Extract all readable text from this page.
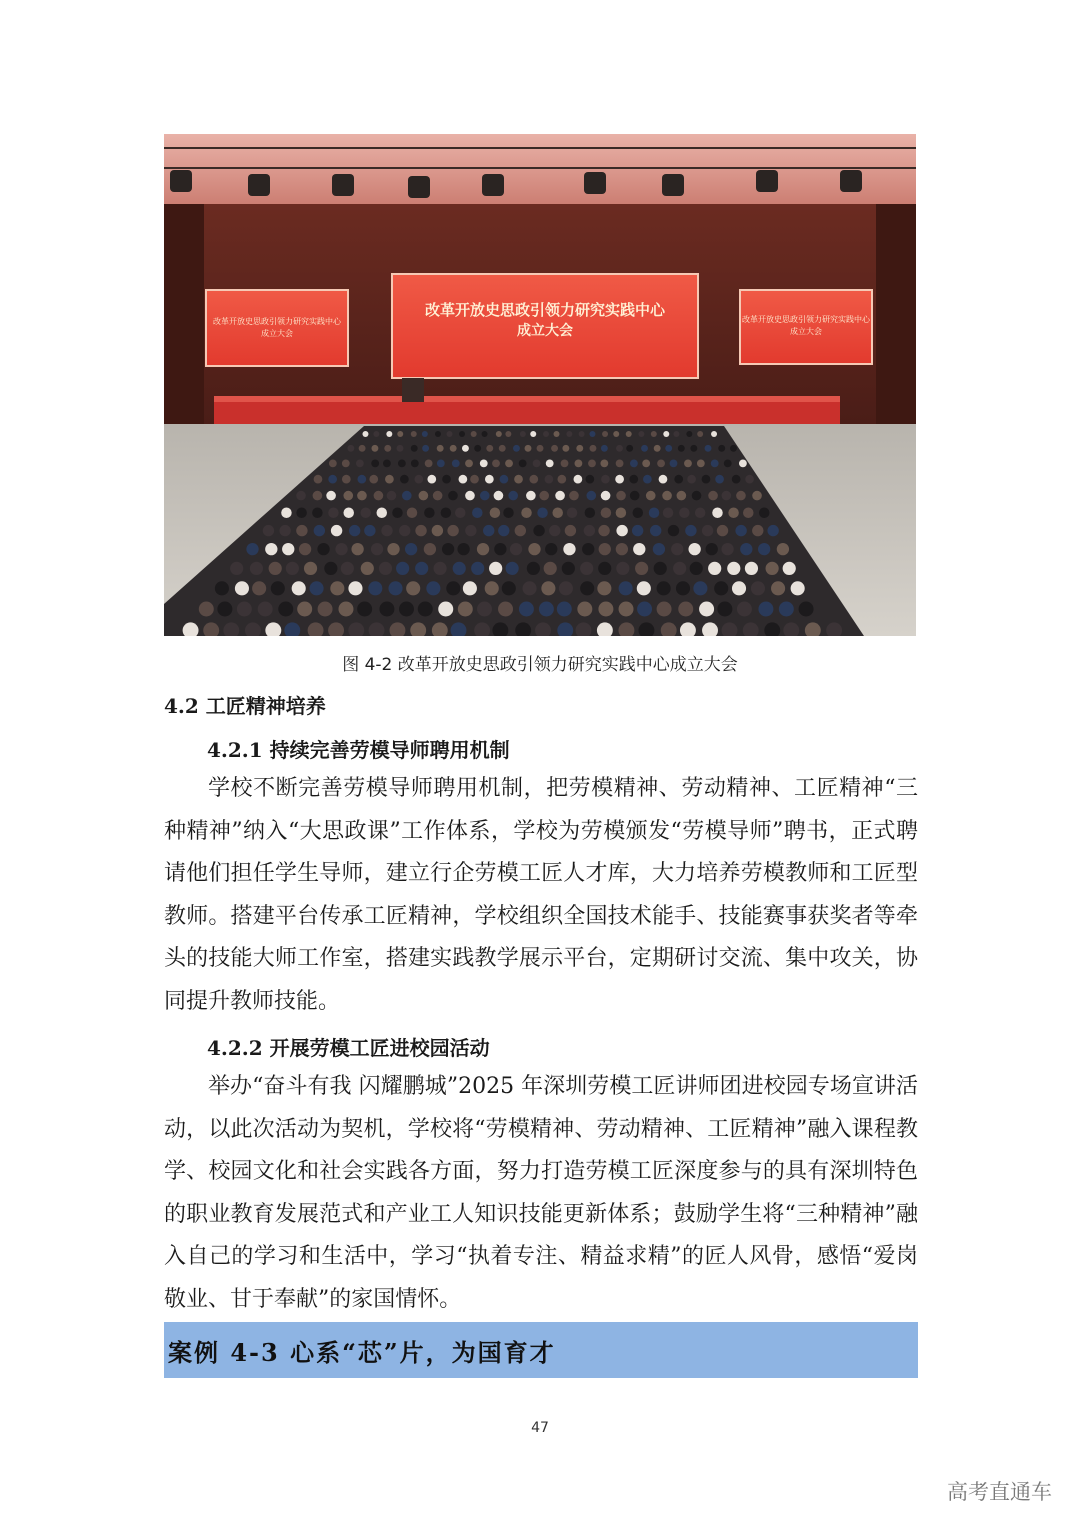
改革开放史思政引领力研究实践中心
成立大会
改革开放史思政引领力研究实践中心
成立大会
改革开放史思政引领力研究实践中心
成立大会
图 4-2 改革开放史思政引领力研究实践中心成立大会
4.2 工匠精神培养
4.2.1 持续完善劳模导师聘用机制

学校不断完善劳模导师聘用机制，把劳模精神、劳动精神、工匠精神“三种精神”纳入“大思政课”工作体系，学校为劳模颁发“劳模导师”聘书，正式聘请他们担任学生导师，建立行企劳模工匠人才库，大力培养劳模教师和工匠型教师。搭建平台传承工匠精神，学校组织全国技术能手、技能赛事获奖者等牵头的技能大师工作室，搭建实践教学展示平台，定期研讨交流、集中攻关，协同提升教师技能。

4.2.2 开展劳模工匠进校园活动

举办“奋斗有我 闪耀鹏城”2025 年深圳劳模工匠讲师团进校园专场宣讲活动，以此次活动为契机，学校将“劳模精神、劳动精神、工匠精神”融入课程教学、校园文化和社会实践各方面，努力打造劳模工匠深度参与的具有深圳特色的职业教育发展范式和产业工人知识技能更新体系；鼓励学生将“三种精神”融入自己的学习和生活中，学习“执着专注、精益求精”的匠人风骨，感悟“爱岗敬业、甘于奉献”的家国情怀。

案例 4-3 心系“芯”片，为国育才
47
高考直通车
